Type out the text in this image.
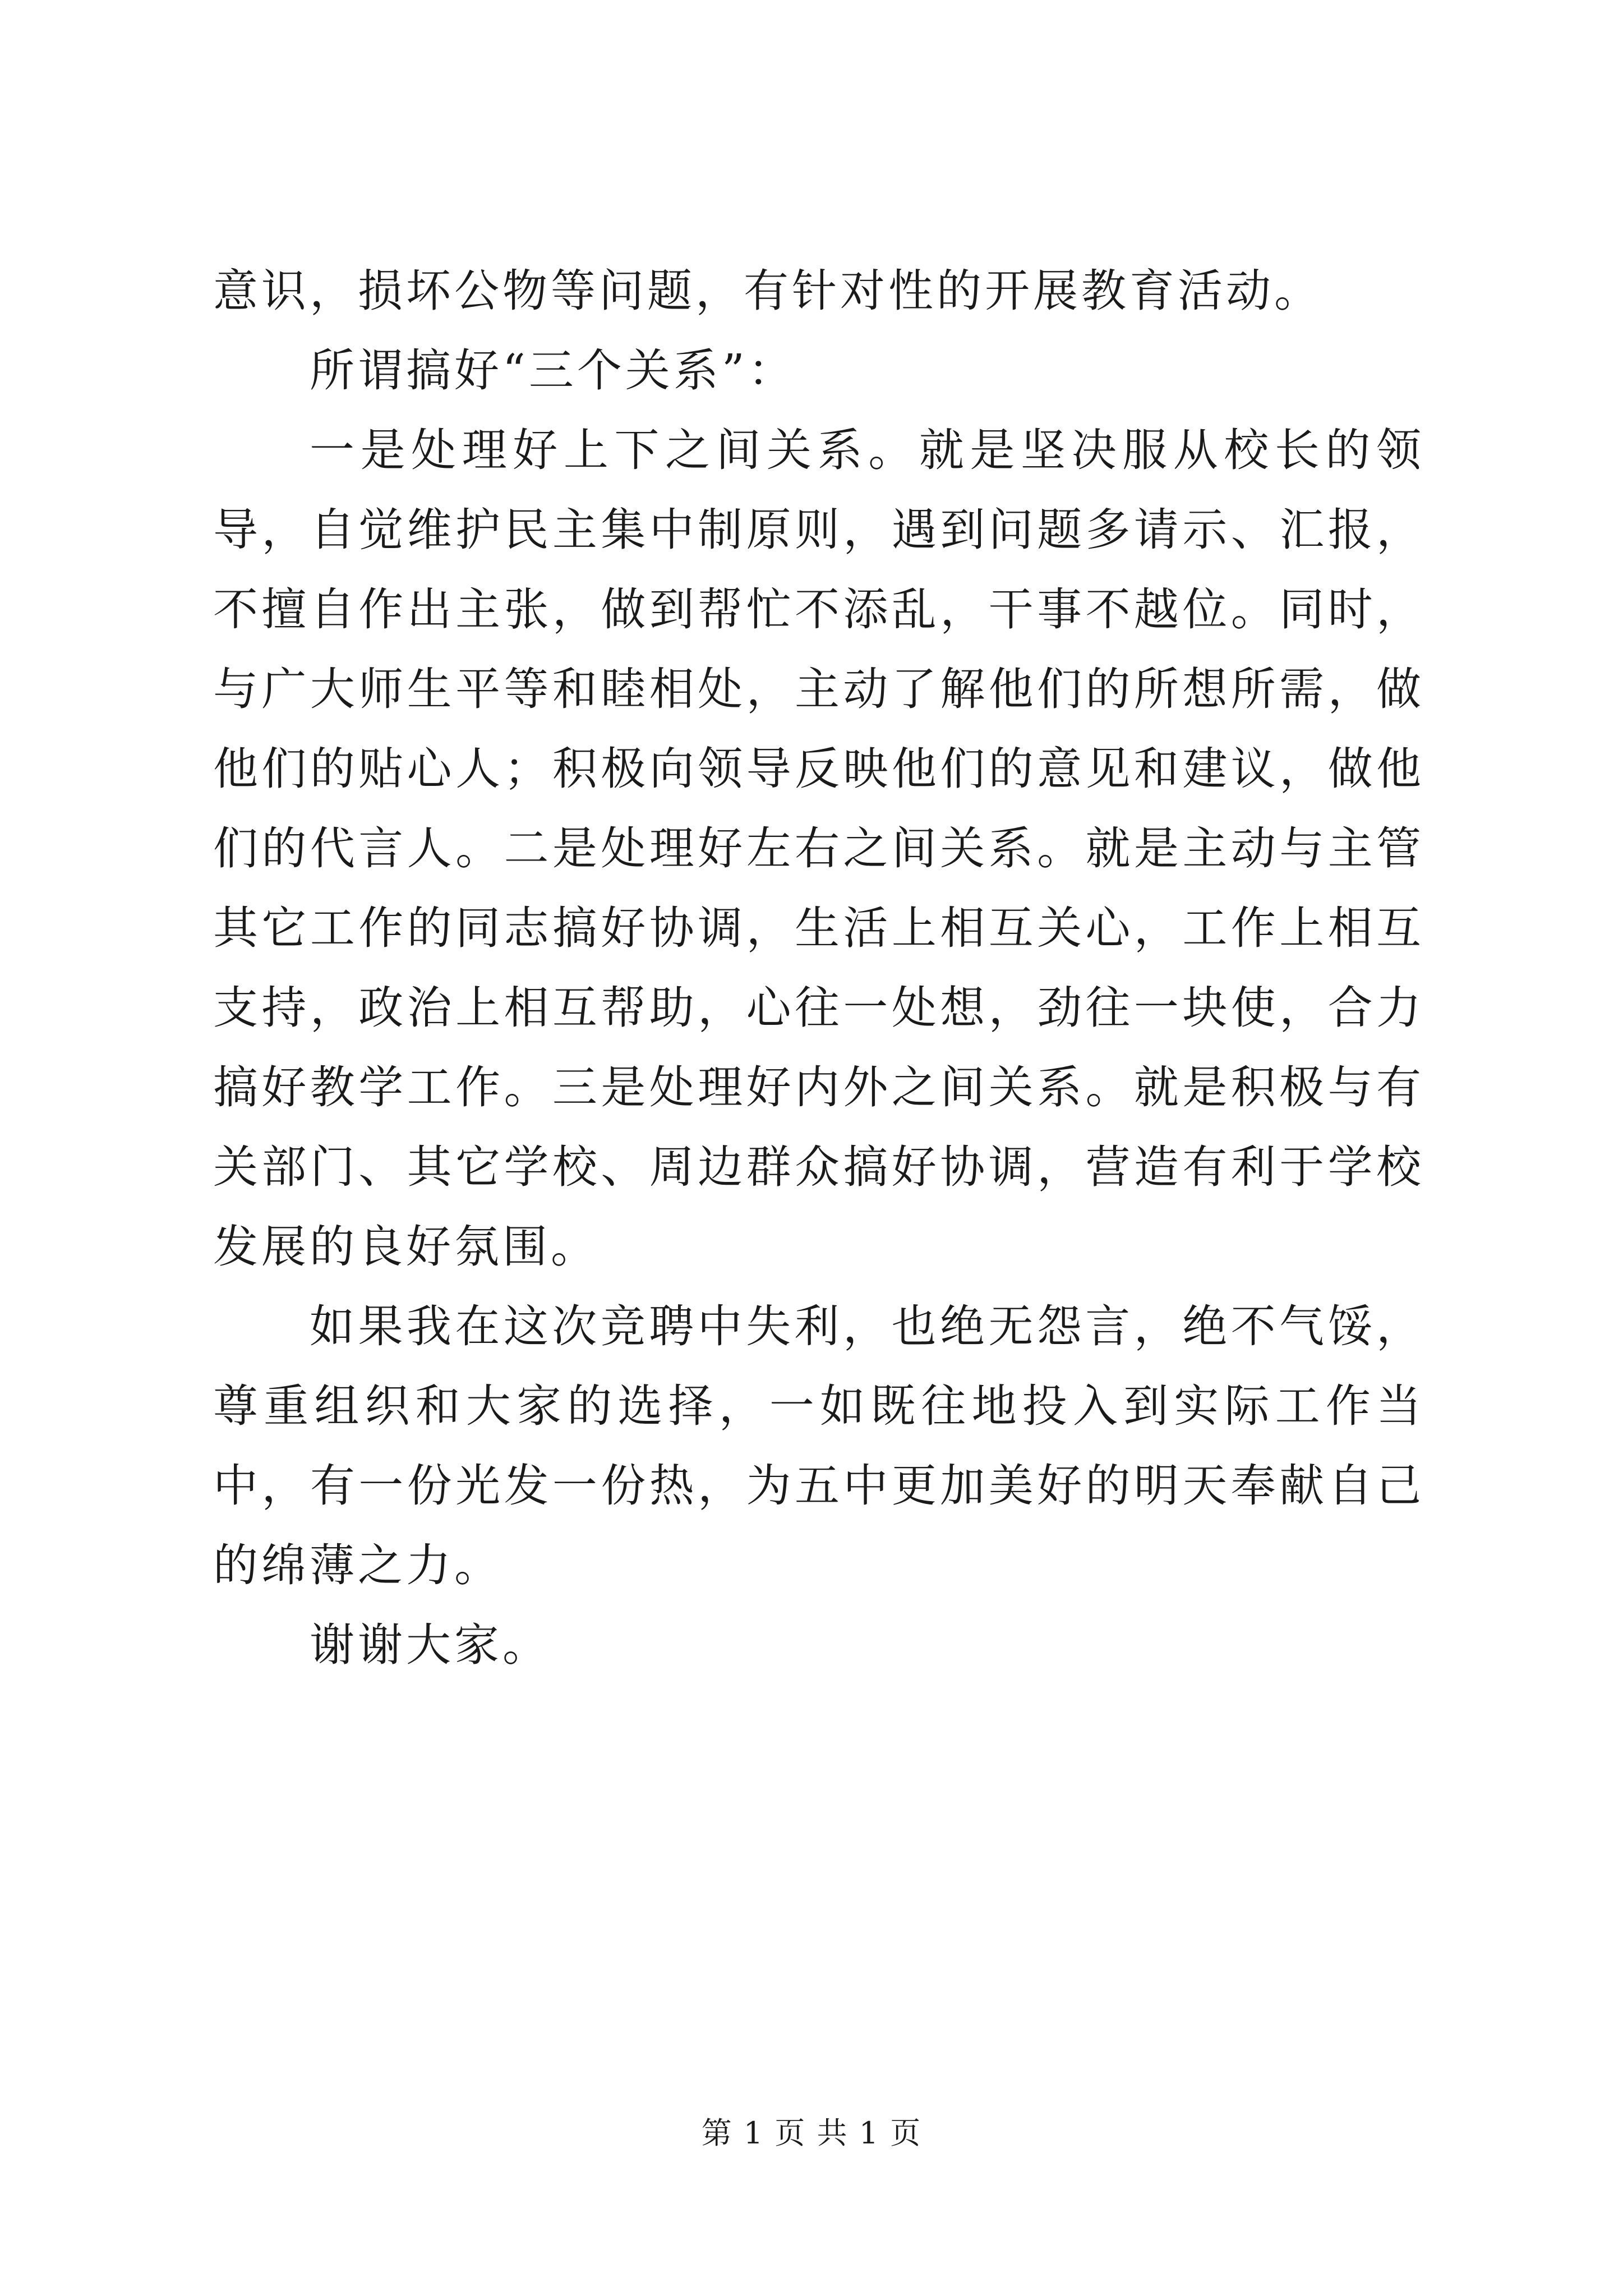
意识，损坏公物等问题，有针对性的开展教育活动。

所谓搞好“三个关系”：

一是处理好上下之间关系。就是坚决服从校长的领导，自觉维护民主集中制原则，遇到问题多请示、汇报，不擅自作出主张，做到帮忙不添乱，干事不越位。同时，与广大师生平等和睦相处，主动了解他们的所想所需，做他们的贴心人；积极向领导反映他们的意见和建议，做他们的代言人。二是处理好左右之间关系。就是主动与主管其它工作的同志搞好协调，生活上相互关心，工作上相互支持，政治上相互帮助，心往一处想，劲往一块使，合力搞好教学工作。三是处理好内外之间关系。就是积极与有关部门、其它学校、周边群众搞好协调，营造有利于学校发展的良好氛围。

如果我在这次竞聘中失利，也绝无怨言，绝不气馁，尊重组织和大家的选择，一如既往地投入到实际工作当中，有一份光发一份热，为五中更加美好的明天奉献自己的绵薄之力。

谢谢大家。

第 1 页 共 1 页
